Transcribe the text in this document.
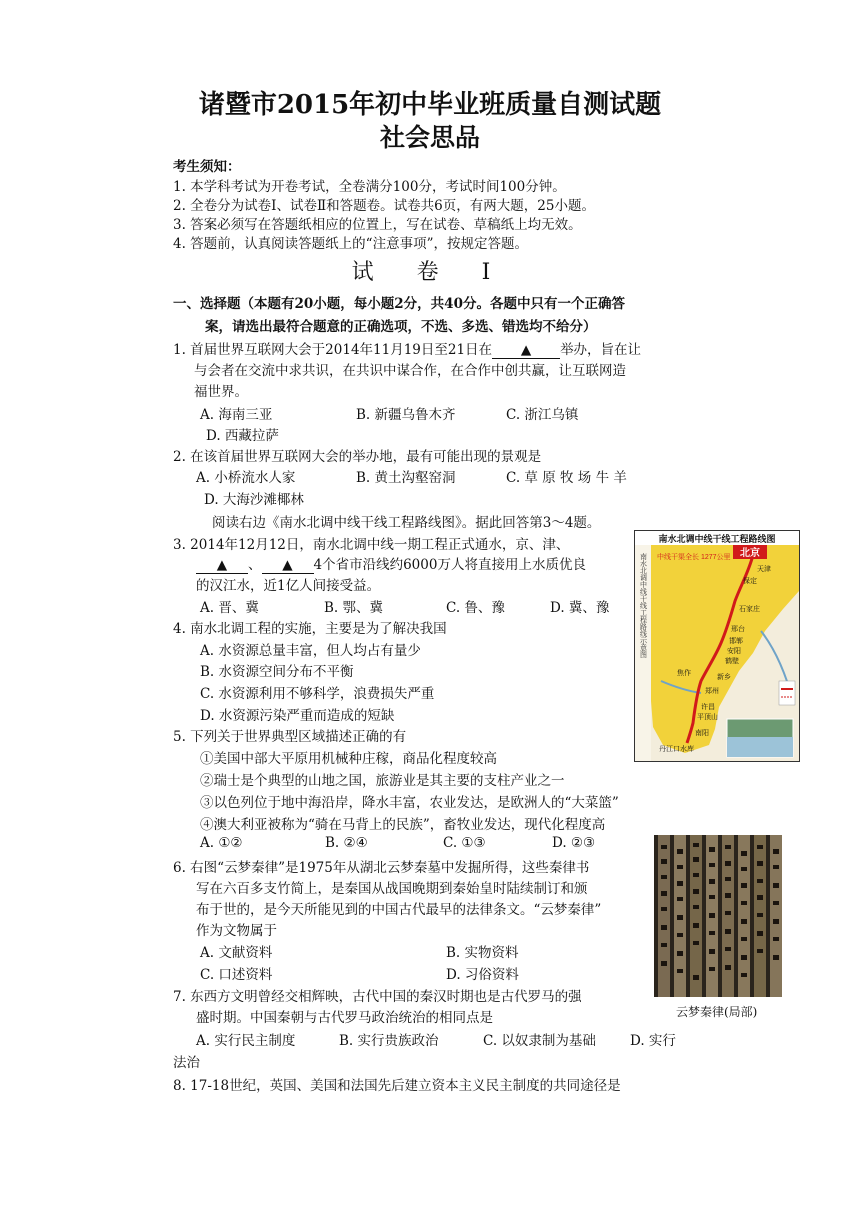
诸暨市2015年初中毕业班质量自测试题
社会思品
考生须知：
1. 本学科考试为开卷考试，全卷满分100分，考试时间100分钟。
2. 全卷分为试卷Ⅰ、试卷Ⅱ和答题卷。试卷共6页，有两大题，25小题。
3. 答案必须写在答题纸相应的位置上，写在试卷、草稿纸上均无效。
4. 答题前，认真阅读答题纸上的“注意事项”，按规定答题。
试 卷 Ⅰ
一、选择题（本题有20小题，每小题2分，共40分。各题中只有一个正确答
案，请选出最符合题意的正确选项，不选、多选、错选均不给分）
1. 首届世界互联网大会于2014年11月19日至21日在 ▲ 举办，旨在让
与会者在交流中求共识，在共识中谋合作，在合作中创共赢，让互联网造
福世界。
A. 海南三亚	B. 新疆乌鲁木齐	C. 浙江乌镇
D. 西藏拉萨
2. 在该首届世界互联网大会的举办地，最有可能出现的景观是
A. 小桥流水人家	B. 黄土沟壑窑洞	C. 草 原 牧 场 牛 羊
D. 大海沙滩椰林
阅读右边《南水北调中线干线工程路线图》。据此回答第3～4题。
3. 2014年12月12日，南水北调中线一期工程正式通水，京、津、
▲ 、 ▲ 4个省市沿线约6000万人将直接用上水质优良
的汉江水，近1亿人间接受益。
A. 晋、冀	B. 鄂、冀	C. 鲁、豫	D. 冀、豫
4. 南水北调工程的实施，主要是为了解决我国
A. 水资源总量丰富，但人均占有量少
B. 水资源空间分布不平衡
C. 水资源利用不够科学，浪费损失严重
D. 水资源污染严重而造成的短缺
5. 下列关于世界典型区域描述正确的有
①美国中部大平原用机械种庄稼，商品化程度较高
②瑞士是个典型的山地之国，旅游业是其主要的支柱产业之一
③以色列位于地中海沿岸，降水丰富，农业发达，是欧洲人的“大菜篮”
④澳大利亚被称为“骑在马背上的民族”，畜牧业发达，现代化程度高
A. ①②	B. ②④	C. ①③	D. ②③
6. 右图“云梦秦律”是1975年从湖北云梦秦墓中发掘所得，这些秦律书
写在六百多支竹简上，是秦国从战国晚期到秦始皇时陆续制订和颁
布于世的，是今天所能见到的中国古代最早的法律条文。“云梦秦律”
作为文物属于
A. 文献资料	B. 实物资料
C. 口述资料	D. 习俗资料
7. 东西方文明曾经交相辉映，古代中国的秦汉时期也是古代罗马的强
盛时期。中国秦朝与古代罗马政治统治的相同点是
A. 实行民主制度	B. 实行贵族政治	C. 以奴隶制为基础	D. 实行
法治
8. 17-18世纪，英国、美国和法国先后建立资本主义民主制度的共同途径是
南水北调中线干线工程路线图
南水北调中线干线工程路线示意图 中线干渠全长 1277公里 北京
天津
保定
石家庄
邢台
邯郸
安阳
鹤壁
新乡
焦作
郑州
许昌
平顶山
南阳
丹江口水库
云梦秦律(局部)
